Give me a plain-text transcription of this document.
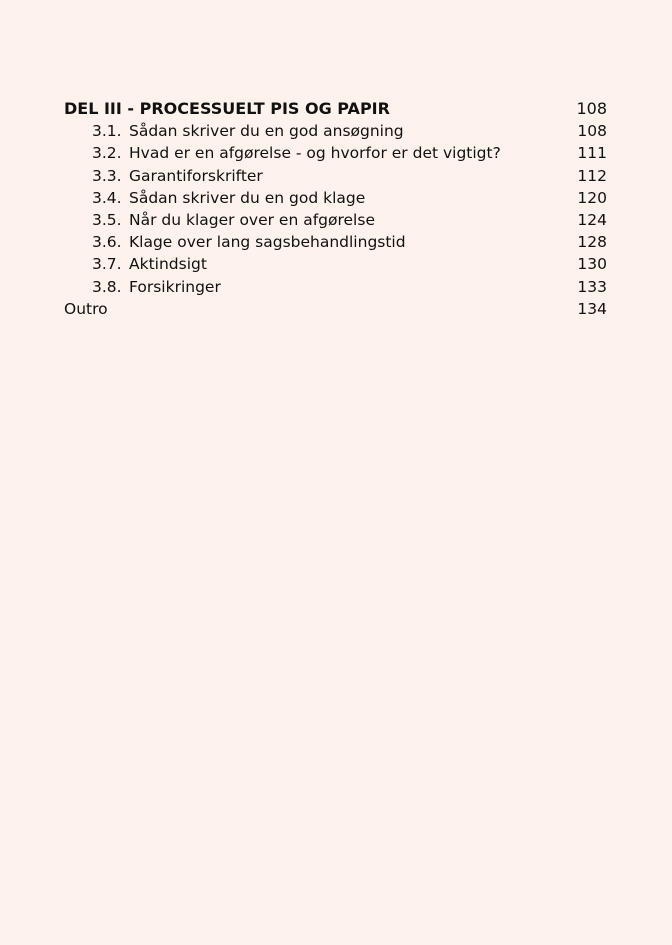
DEL III - PROCESSUELT PIS OG PAPIR	108
3.1. Sådan skriver du en god ansøgning	108
3.2. Hvad er en afgørelse - og hvorfor er det vigtigt?	111
3.3. Garantiforskrifter	112
3.4. Sådan skriver du en god klage	120
3.5. Når du klager over en afgørelse	124
3.6. Klage over lang sagsbehandlingstid	128
3.7. Aktindsigt	130
3.8. Forsikringer	133
Outro	134
